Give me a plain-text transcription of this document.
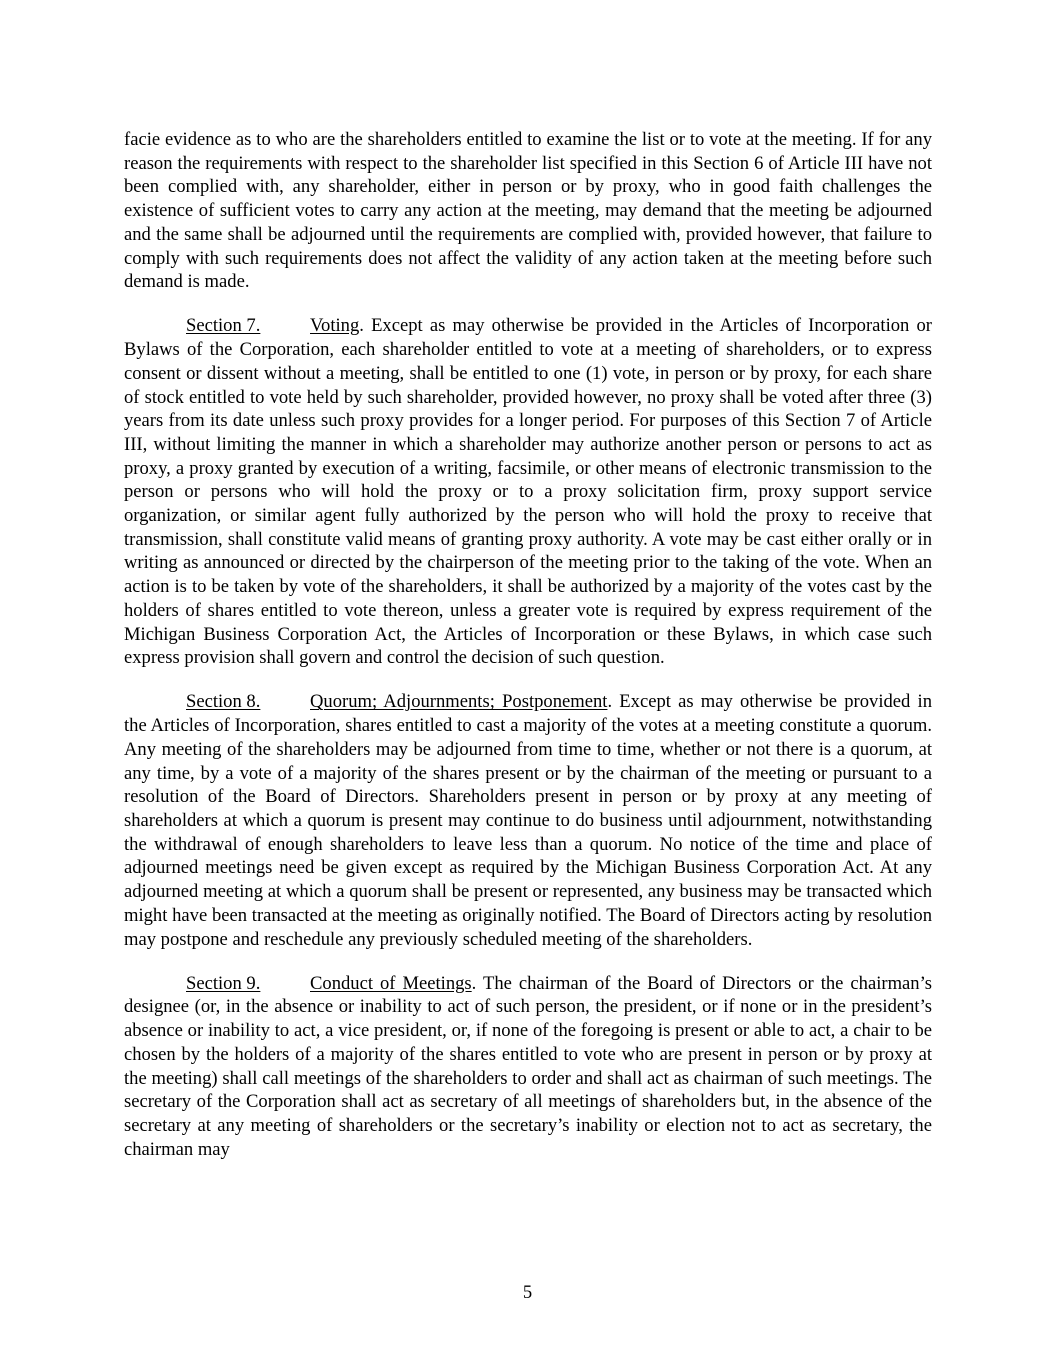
facie evidence as to who are the shareholders entitled to examine the list or to vote at the meeting. If for any reason the requirements with respect to the shareholder list specified in this Section 6 of Article III have not been complied with, any shareholder, either in person or by proxy, who in good faith challenges the existence of sufficient votes to carry any action at the meeting, may demand that the meeting be adjourned and the same shall be adjourned until the requirements are complied with, provided however, that failure to comply with such requirements does not affect the validity of any action taken at the meeting before such demand is made.

Section 7.	Voting. Except as may otherwise be provided in the Articles of Incorporation or Bylaws of the Corporation, each shareholder entitled to vote at a meeting of shareholders, or to express consent or dissent without a meeting, shall be entitled to one (1) vote, in person or by proxy, for each share of stock entitled to vote held by such shareholder, provided however, no proxy shall be voted after three (3) years from its date unless such proxy provides for a longer period. For purposes of this Section 7 of Article III, without limiting the manner in which a shareholder may authorize another person or persons to act as proxy, a proxy granted by execution of a writing, facsimile, or other means of electronic transmission to the person or persons who will hold the proxy or to a proxy solicitation firm, proxy support service organization, or similar agent fully authorized by the person who will hold the proxy to receive that transmission, shall constitute valid means of granting proxy authority. A vote may be cast either orally or in writing as announced or directed by the chairperson of the meeting prior to the taking of the vote. When an action is to be taken by vote of the shareholders, it shall be authorized by a majority of the votes cast by the holders of shares entitled to vote thereon, unless a greater vote is required by express requirement of the Michigan Business Corporation Act, the Articles of Incorporation or these Bylaws, in which case such express provision shall govern and control the decision of such question.

Section 8.	Quorum; Adjournments; Postponement. Except as may otherwise be provided in the Articles of Incorporation, shares entitled to cast a majority of the votes at a meeting constitute a quorum. Any meeting of the shareholders may be adjourned from time to time, whether or not there is a quorum, at any time, by a vote of a majority of the shares present or by the chairman of the meeting or pursuant to a resolution of the Board of Directors. Shareholders present in person or by proxy at any meeting of shareholders at which a quorum is present may continue to do business until adjournment, notwithstanding the withdrawal of enough shareholders to leave less than a quorum. No notice of the time and place of adjourned meetings need be given except as required by the Michigan Business Corporation Act. At any adjourned meeting at which a quorum shall be present or represented, any business may be transacted which might have been transacted at the meeting as originally notified. The Board of Directors acting by resolution may postpone and reschedule any previously scheduled meeting of the shareholders.

Section 9.	Conduct of Meetings. The chairman of the Board of Directors or the chairman’s designee (or, in the absence or inability to act of such person, the president, or if none or in the president’s absence or inability to act, a vice president, or, if none of the foregoing is present or able to act, a chair to be chosen by the holders of a majority of the shares entitled to vote who are present in person or by proxy at the meeting) shall call meetings of the shareholders to order and shall act as chairman of such meetings. The secretary of the Corporation shall act as secretary of all meetings of shareholders but, in the absence of the secretary at any meeting of shareholders or the secretary’s inability or election not to act as secretary, the chairman may

5
